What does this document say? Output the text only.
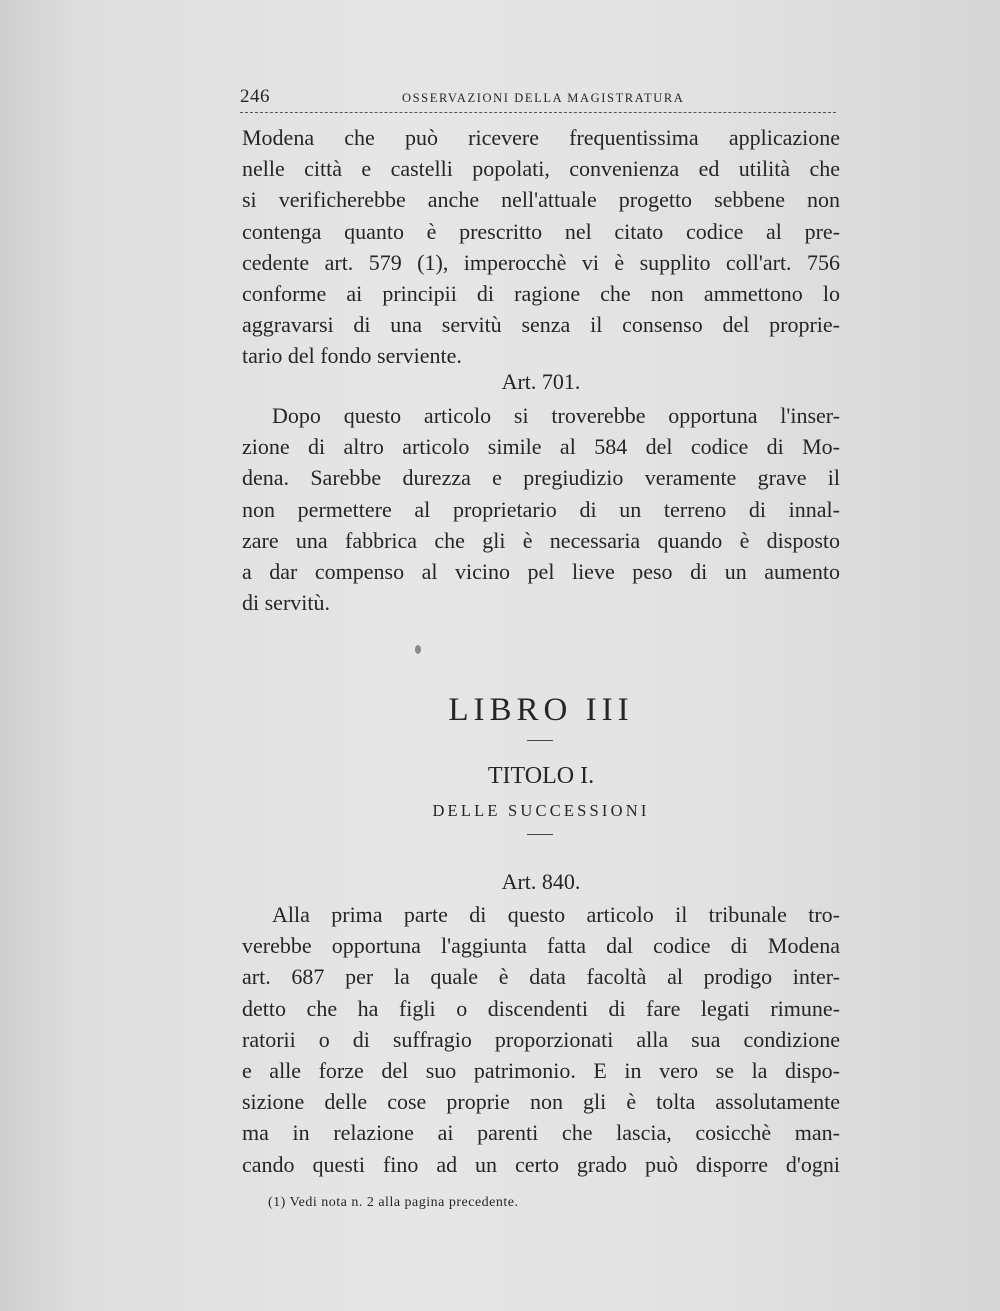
246	OSSERVAZIONI DELLA MAGISTRATURA
Modena che può ricevere frequentissima applicazione
nelle città e castelli popolati, convenienza ed utilità che
si verificherebbe anche nell'attuale progetto sebbene non
contenga quanto è prescritto nel citato codice al pre-
cedente art. 579 (1), imperocchè vi è supplito coll'art. 756
conforme ai principii di ragione che non ammettono lo
aggravarsi di una servitù senza il consenso del proprie-
tario del fondo serviente.
Art. 701.
Dopo questo articolo si troverebbe opportuna l'inser-
zione di altro articolo simile al 584 del codice di Mo-
dena. Sarebbe durezza e pregiudizio veramente grave il
non permettere al proprietario di un terreno di innal-
zare una fabbrica che gli è necessaria quando è disposto
a dar compenso al vicino pel lieve peso di un aumento
di servitù.
LIBRO III
TITOLO I.
DELLE SUCCESSIONI
Art. 840.
Alla prima parte di questo articolo il tribunale tro-
verebbe opportuna l'aggiunta fatta dal codice di Modena
art. 687 per la quale è data facoltà al prodigo inter-
detto che ha figli o discendenti di fare legati rimune-
ratorii o di suffragio proporzionati alla sua condizione
e alle forze del suo patrimonio. E in vero se la dispo-
sizione delle cose proprie non gli è tolta assolutamente
ma in relazione ai parenti che lascia, cosicchè man-
cando questi fino ad un certo grado può disporre d'ogni
(1) Vedi nota n. 2 alla pagina precedente.
